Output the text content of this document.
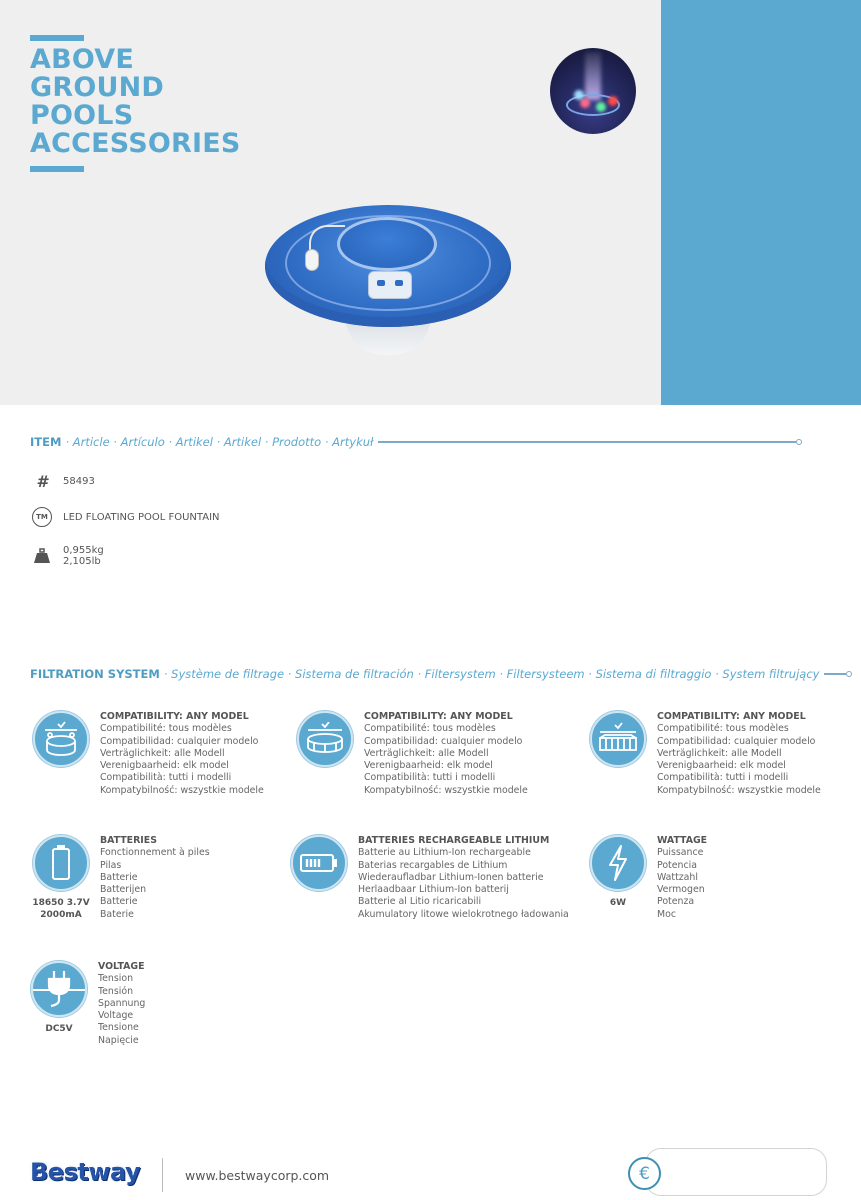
ABOVE
GROUND
POOLS
ACCESSORIES
ITEM · Article · Artículo · Artikel · Artikel · Prodotto · Artykuł
#	58493
TM	LED FLOATING POOL FOUNTAIN
0,955kg
2,105lb
FILTRATION SYSTEM · Système de filtrage · Sistema de filtración · Filtersystem · Filtersysteem · Sistema di filtraggio · System filtrujący
COMPATIBILITY: ANY MODEL
Compatibilité: tous modèles
Compatibilidad: cualquier modelo
Verträglichkeit: alle Modell
Verenigbaarheid: elk model
Compatibilità: tutti i modelli
Kompatybilność: wszystkie modele
COMPATIBILITY: ANY MODEL
Compatibilité: tous modèles
Compatibilidad: cualquier modelo
Verträglichkeit: alle Modell
Verenigbaarheid: elk model
Compatibilità: tutti i modelli
Kompatybilność: wszystkie modele
COMPATIBILITY: ANY MODEL
Compatibilité: tous modèles
Compatibilidad: cualquier modelo
Verträglichkeit: alle Modell
Verenigbaarheid: elk model
Compatibilità: tutti i modelli
Kompatybilność: wszystkie modele
18650 3.7V
2000mA
BATTERIES
Fonctionnement à piles
Pilas
Batterie
Batterijen
Batterie
Baterie
BATTERIES RECHARGEABLE LITHIUM
Batterie au Lithium-Ion rechargeable
Baterias recargables de Lithium
Wiederaufladbar Lithium-Ionen batterie
Herlaadbaar Lithium-Ion batterij
Batterie al Litio ricaricabili
Akumulatory litowe wielokrotnego ładowania
6W
WATTAGE
Puissance
Potencia
Wattzahl
Vermogen
Potenza
Moc
DC5V
VOLTAGE
Tension
Tensión
Spannung
Voltage
Tensione
Napięcie
Bestway	www.bestwaycorp.com	€
